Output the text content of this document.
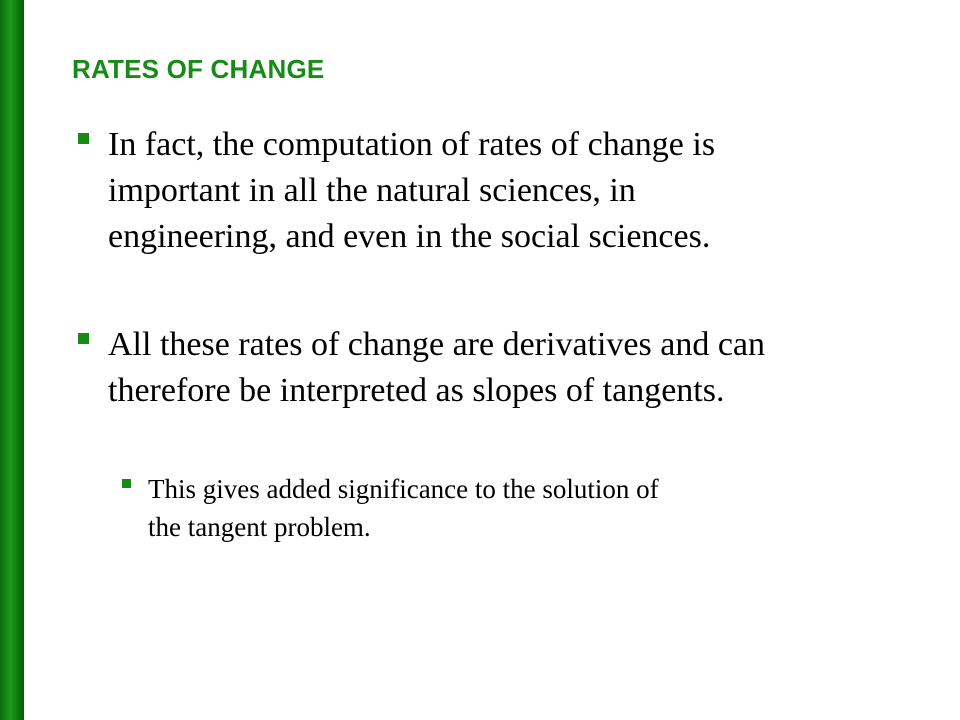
RATES OF CHANGE
In fact, the computation of rates of change is
important in all the natural sciences, in
engineering, and even in the social sciences.
All these rates of change are derivatives and can
therefore be interpreted as slopes of tangents.
This gives added significance to the solution of
the tangent problem.
